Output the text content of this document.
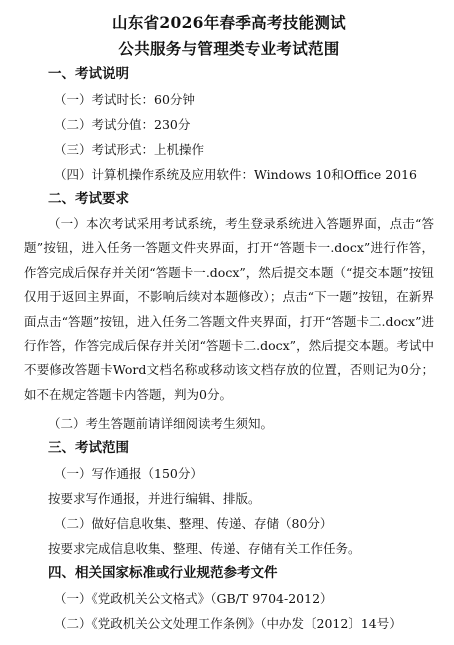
山东省2026年春季高考技能测试
公共服务与管理类专业考试范围
一、考试说明
（一）考试时长：60分钟
（二）考试分值：230分
（三）考试形式：上机操作
（四）计算机操作系统及应用软件：Windows 10和Office 2016
二、考试要求

（一）本次考试采用考试系统，考生登录系统进入答题界面，点击“答题”按钮，进入任务一答题文件夹界面，打开“答题卡一.docx”进行作答，作答完成后保存并关闭“答题卡一.docx”，然后提交本题（“提交本题”按钮仅用于返回主界面，不影响后续对本题修改）；点击“下一题”按钮，在新界面点击“答题”按钮，进入任务二答题文件夹界面，打开“答题卡二.docx”进行作答，作答完成后保存并关闭“答题卡二.docx”，然后提交本题。考试中不要修改答题卡Word文档名称或移动该文档存放的位置，否则记为0分；如不在规定答题卡内答题，判为0分。

（二）考生答题前请详细阅读考生须知。
三、考试范围
（一）写作通报（150分）
按要求写作通报，并进行编辑、排版。
（二）做好信息收集、整理、传递、存储（80分）
按要求完成信息收集、整理、传递、存储有关工作任务。
四、相关国家标准或行业规范参考文件
（一）《党政机关公文格式》（GB/T 9704-2012）
（二）《党政机关公文处理工作条例》（中办发〔2012〕14号）
